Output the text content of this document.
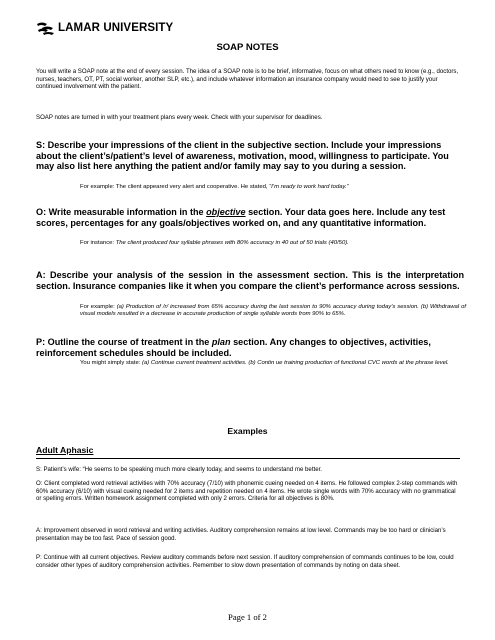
LAMAR UNIVERSITY
SOAP NOTES

You will write a SOAP note at the end of every session. The idea of a SOAP note is to be brief, informative, focus on what others need to know (e.g., doctors, nurses, teachers, OT, PT, social worker, another SLP, etc.), and include whatever information an insurance company would need to see to justify your continued involvement with the patient.

SOAP notes are turned in with your treatment plans every week. Check with your supervisor for deadlines.

S: Describe your impressions of the client in the subjective section. Include your impressions about the client’s/patient’s level of awareness, motivation, mood, willingness to participate. You may also list here anything the patient and/or family may say to you during a session.

For example: The client appeared very alert and cooperative. He stated, “I’m ready to work hard today.”

O: Write measurable information in the objective section. Your data goes here. Include any test scores, percentages for any goals/objectives worked on, and any quantitative information.

For instance: The client produced four syllable phrases with 80% accuracy in 40 out of 50 trials (40/50).

A: Describe your analysis of the session in the assessment section. This is the interpretation section. Insurance companies like it when you compare the client’s performance across sessions.

For example: (a) Production of /r/ increased from 65% accuracy during the last session to 90% accuracy during today’s session. (b) Withdrawal of visual models resulted in a decrease in accurate production of single syllable words from 90% to 65%.

P: Outline the course of treatment in the plan section. Any changes to objectives, activities, reinforcement schedules should be included.

You might simply state: (a) Continue current treatment activities. (b) Contin ue training production of functional CVC words at the phrase level.

Examples
Adult Aphasic

S: Patient’s wife: “He seems to be speaking much more clearly today, and seems to understand me better.

O: Client completed word retrieval activities with 70% accuracy (7/10) with phonemic cueing needed on 4 items. He followed complex 2-step commands with 60% accuracy (6/10) with visual cueing needed for 2 items and repetition needed on 4 items. He wrote single words with 70% accuracy with no grammatical or spelling errors. Written homework assignment completed with only 2 errors. Criteria for all objectives is 80%.

A: Improvement observed in word retrieval and writing activities. Auditory comprehension remains at low level. Commands may be too hard or clinician’s presentation may be too fast. Pace of session good.

P: Continue with all current objectives. Review auditory commands before next session. If auditory comprehension of commands continues to be low, could consider other types of auditory comprehension activities. Remember to slow down presentation of commands by noting on data sheet.

Page 1 of 2
